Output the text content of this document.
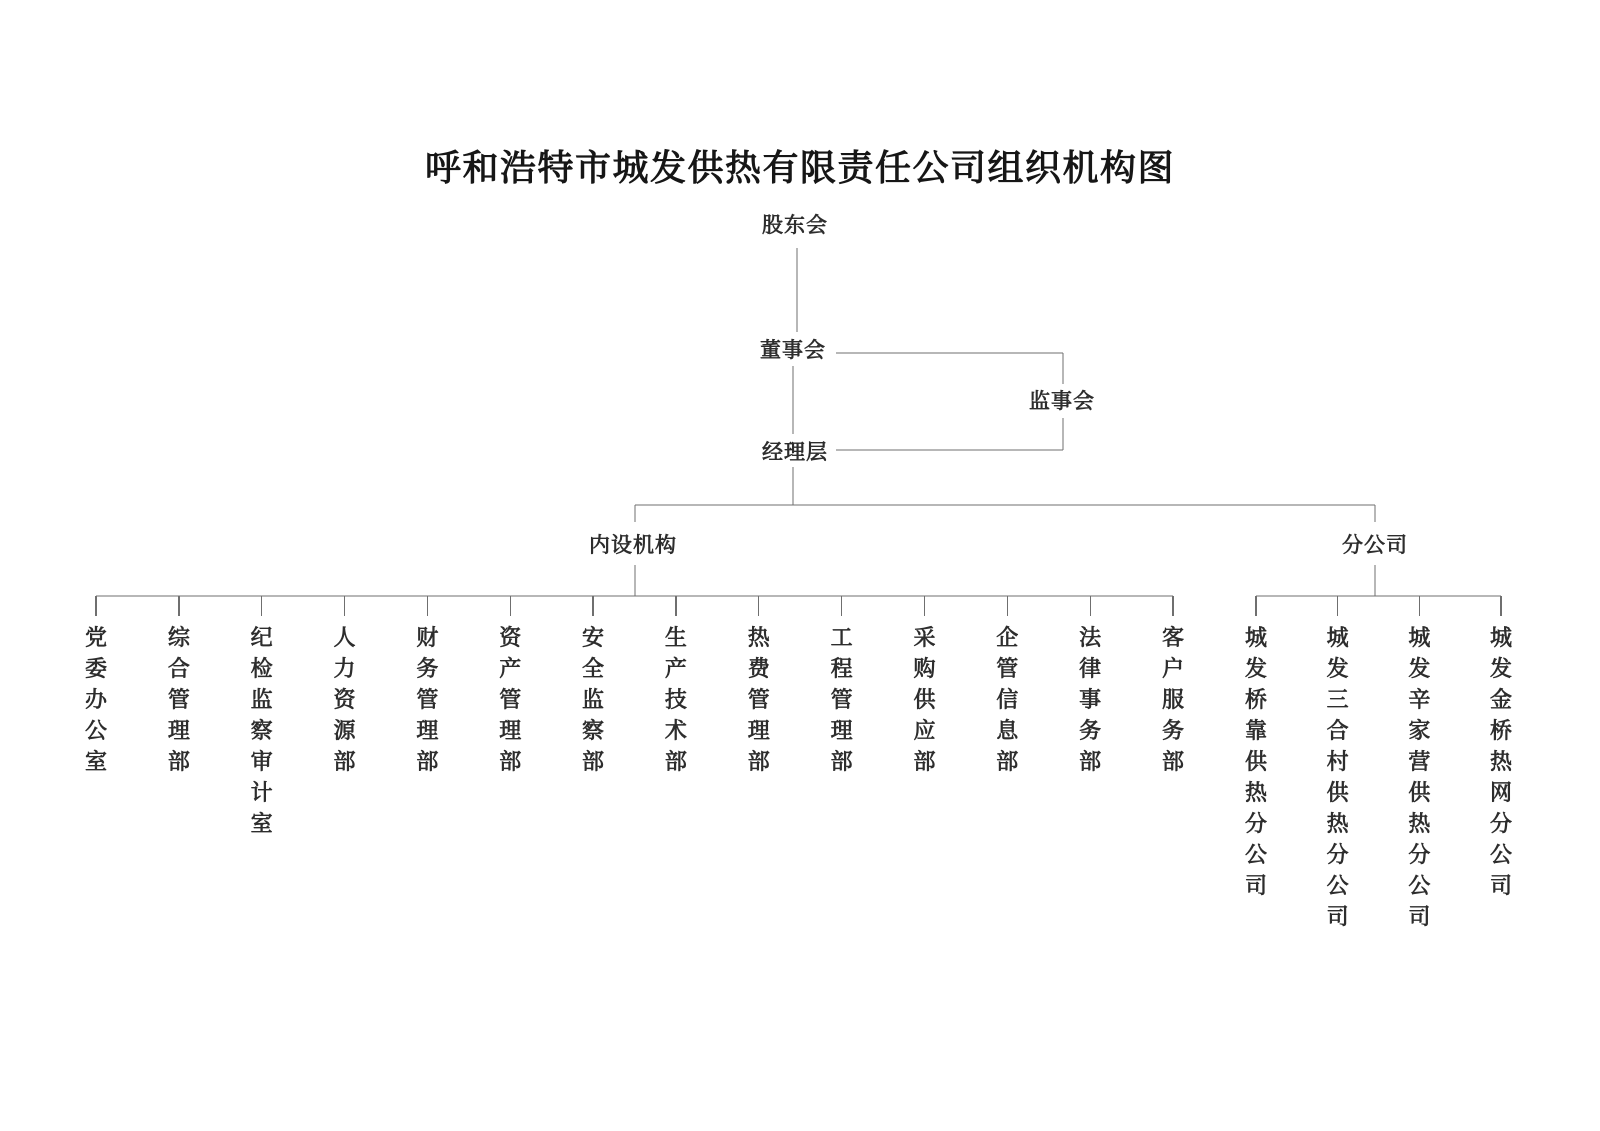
呼和浩特市城发供热有限责任公司组织机构图
股东会
董事会
监事会
经理层
内设机构	分公司
党委办公室
综合管理部
纪检监察审计室
人力资源部
财务管理部
资产管理部
安全监察部
生产技术部
热费管理部
工程管理部
采购供应部
企管信息部
法律事务部
客户服务部
城发桥靠供热分公司
城发三合村供热分公司
城发辛家营供热分公司
城发金桥热网分公司
